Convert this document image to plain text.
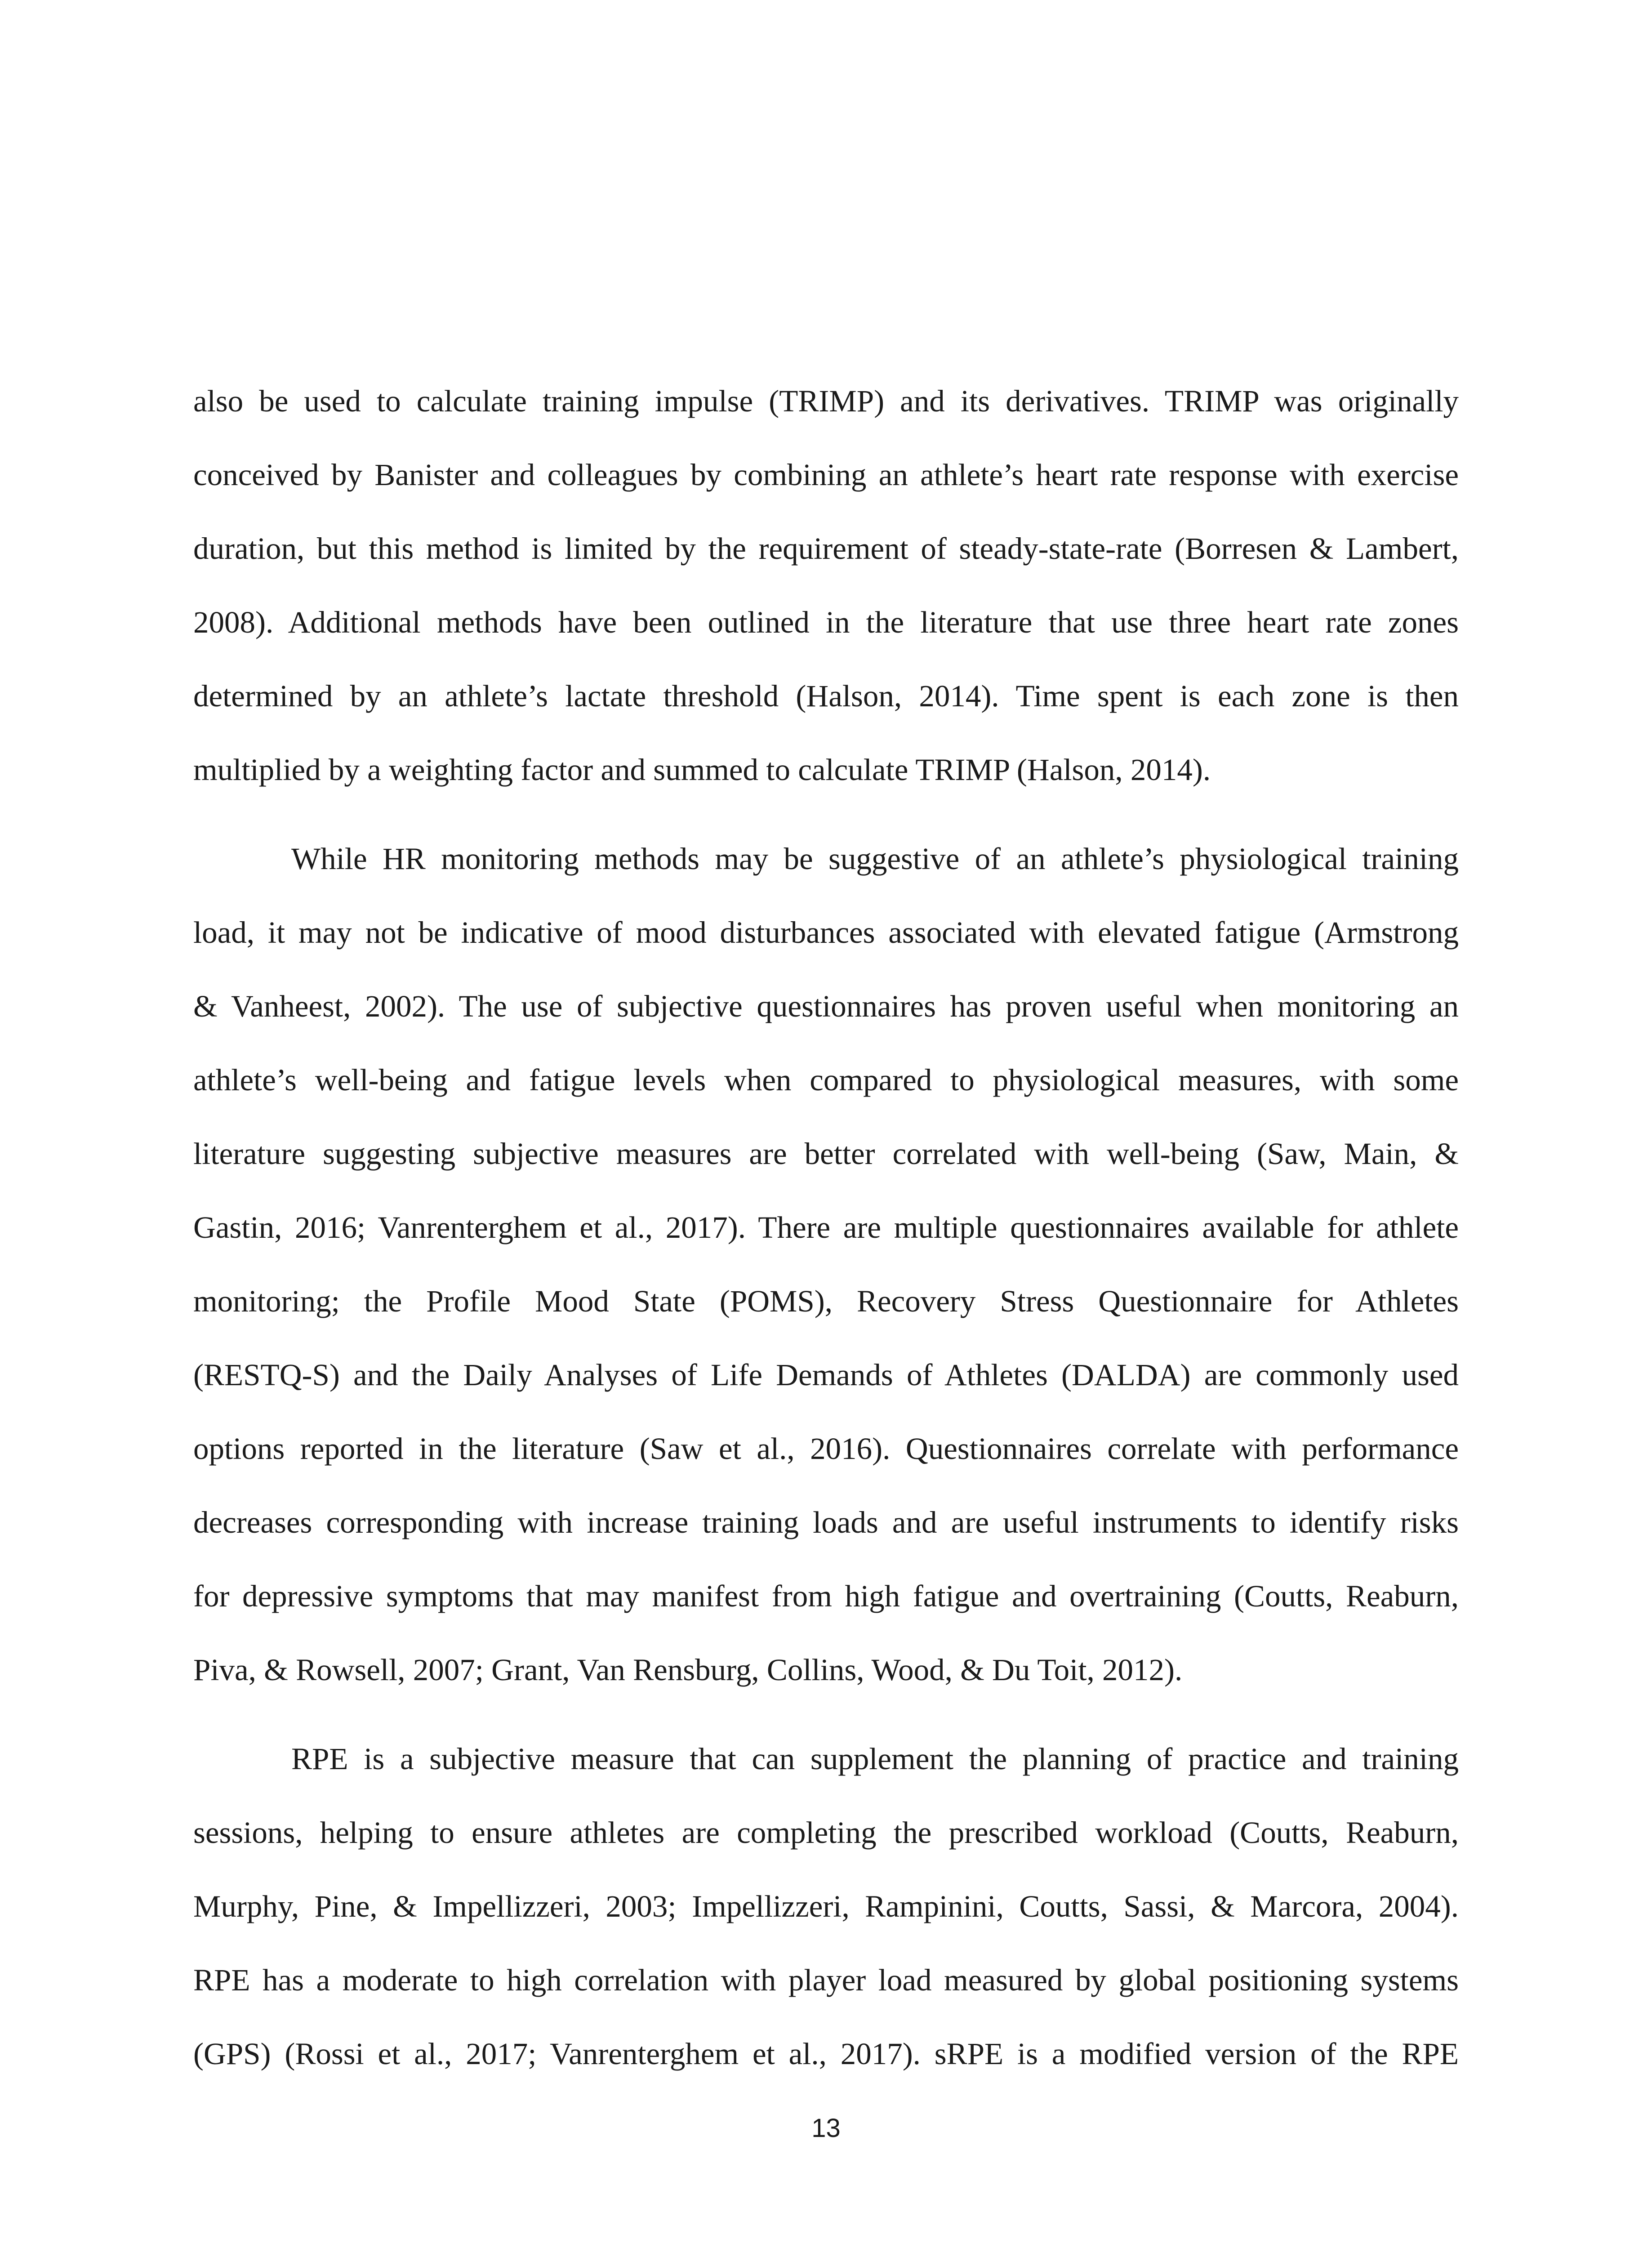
also be used to calculate training impulse (TRIMP) and its derivatives. TRIMP was originally
conceived by Banister and colleagues by combining an athlete’s heart rate response with exercise
duration, but this method is limited by the requirement of steady-state-rate (Borresen & Lambert,
2008). Additional methods have been outlined in the literature that use three heart rate zones
determined by an athlete’s lactate threshold (Halson, 2014). Time spent is each zone is then
multiplied by a weighting factor and summed to calculate TRIMP (Halson, 2014).
While HR monitoring methods may be suggestive of an athlete’s physiological training
load, it may not be indicative of mood disturbances associated with elevated fatigue (Armstrong
& Vanheest, 2002). The use of subjective questionnaires has proven useful when monitoring an
athlete’s well-being and fatigue levels when compared to physiological measures, with some
literature suggesting subjective measures are better correlated with well-being (Saw, Main, &
Gastin, 2016; Vanrenterghem et al., 2017). There are multiple questionnaires available for athlete
monitoring; the Profile Mood State (POMS), Recovery Stress Questionnaire for Athletes
(RESTQ-S) and the Daily Analyses of Life Demands of Athletes (DALDA) are commonly used
options reported in the literature (Saw et al., 2016). Questionnaires correlate with performance
decreases corresponding with increase training loads and are useful instruments to identify risks
for depressive symptoms that may manifest from high fatigue and overtraining (Coutts, Reaburn,
Piva, & Rowsell, 2007; Grant, Van Rensburg, Collins, Wood, & Du Toit, 2012).
RPE is a subjective measure that can supplement the planning of practice and training
sessions, helping to ensure athletes are completing the prescribed workload (Coutts, Reaburn,
Murphy, Pine, & Impellizzeri, 2003; Impellizzeri, Rampinini, Coutts, Sassi, & Marcora, 2004).
RPE has a moderate to high correlation with player load measured by global positioning systems
(GPS) (Rossi et al., 2017; Vanrenterghem et al., 2017). sRPE is a modified version of the RPE
13
